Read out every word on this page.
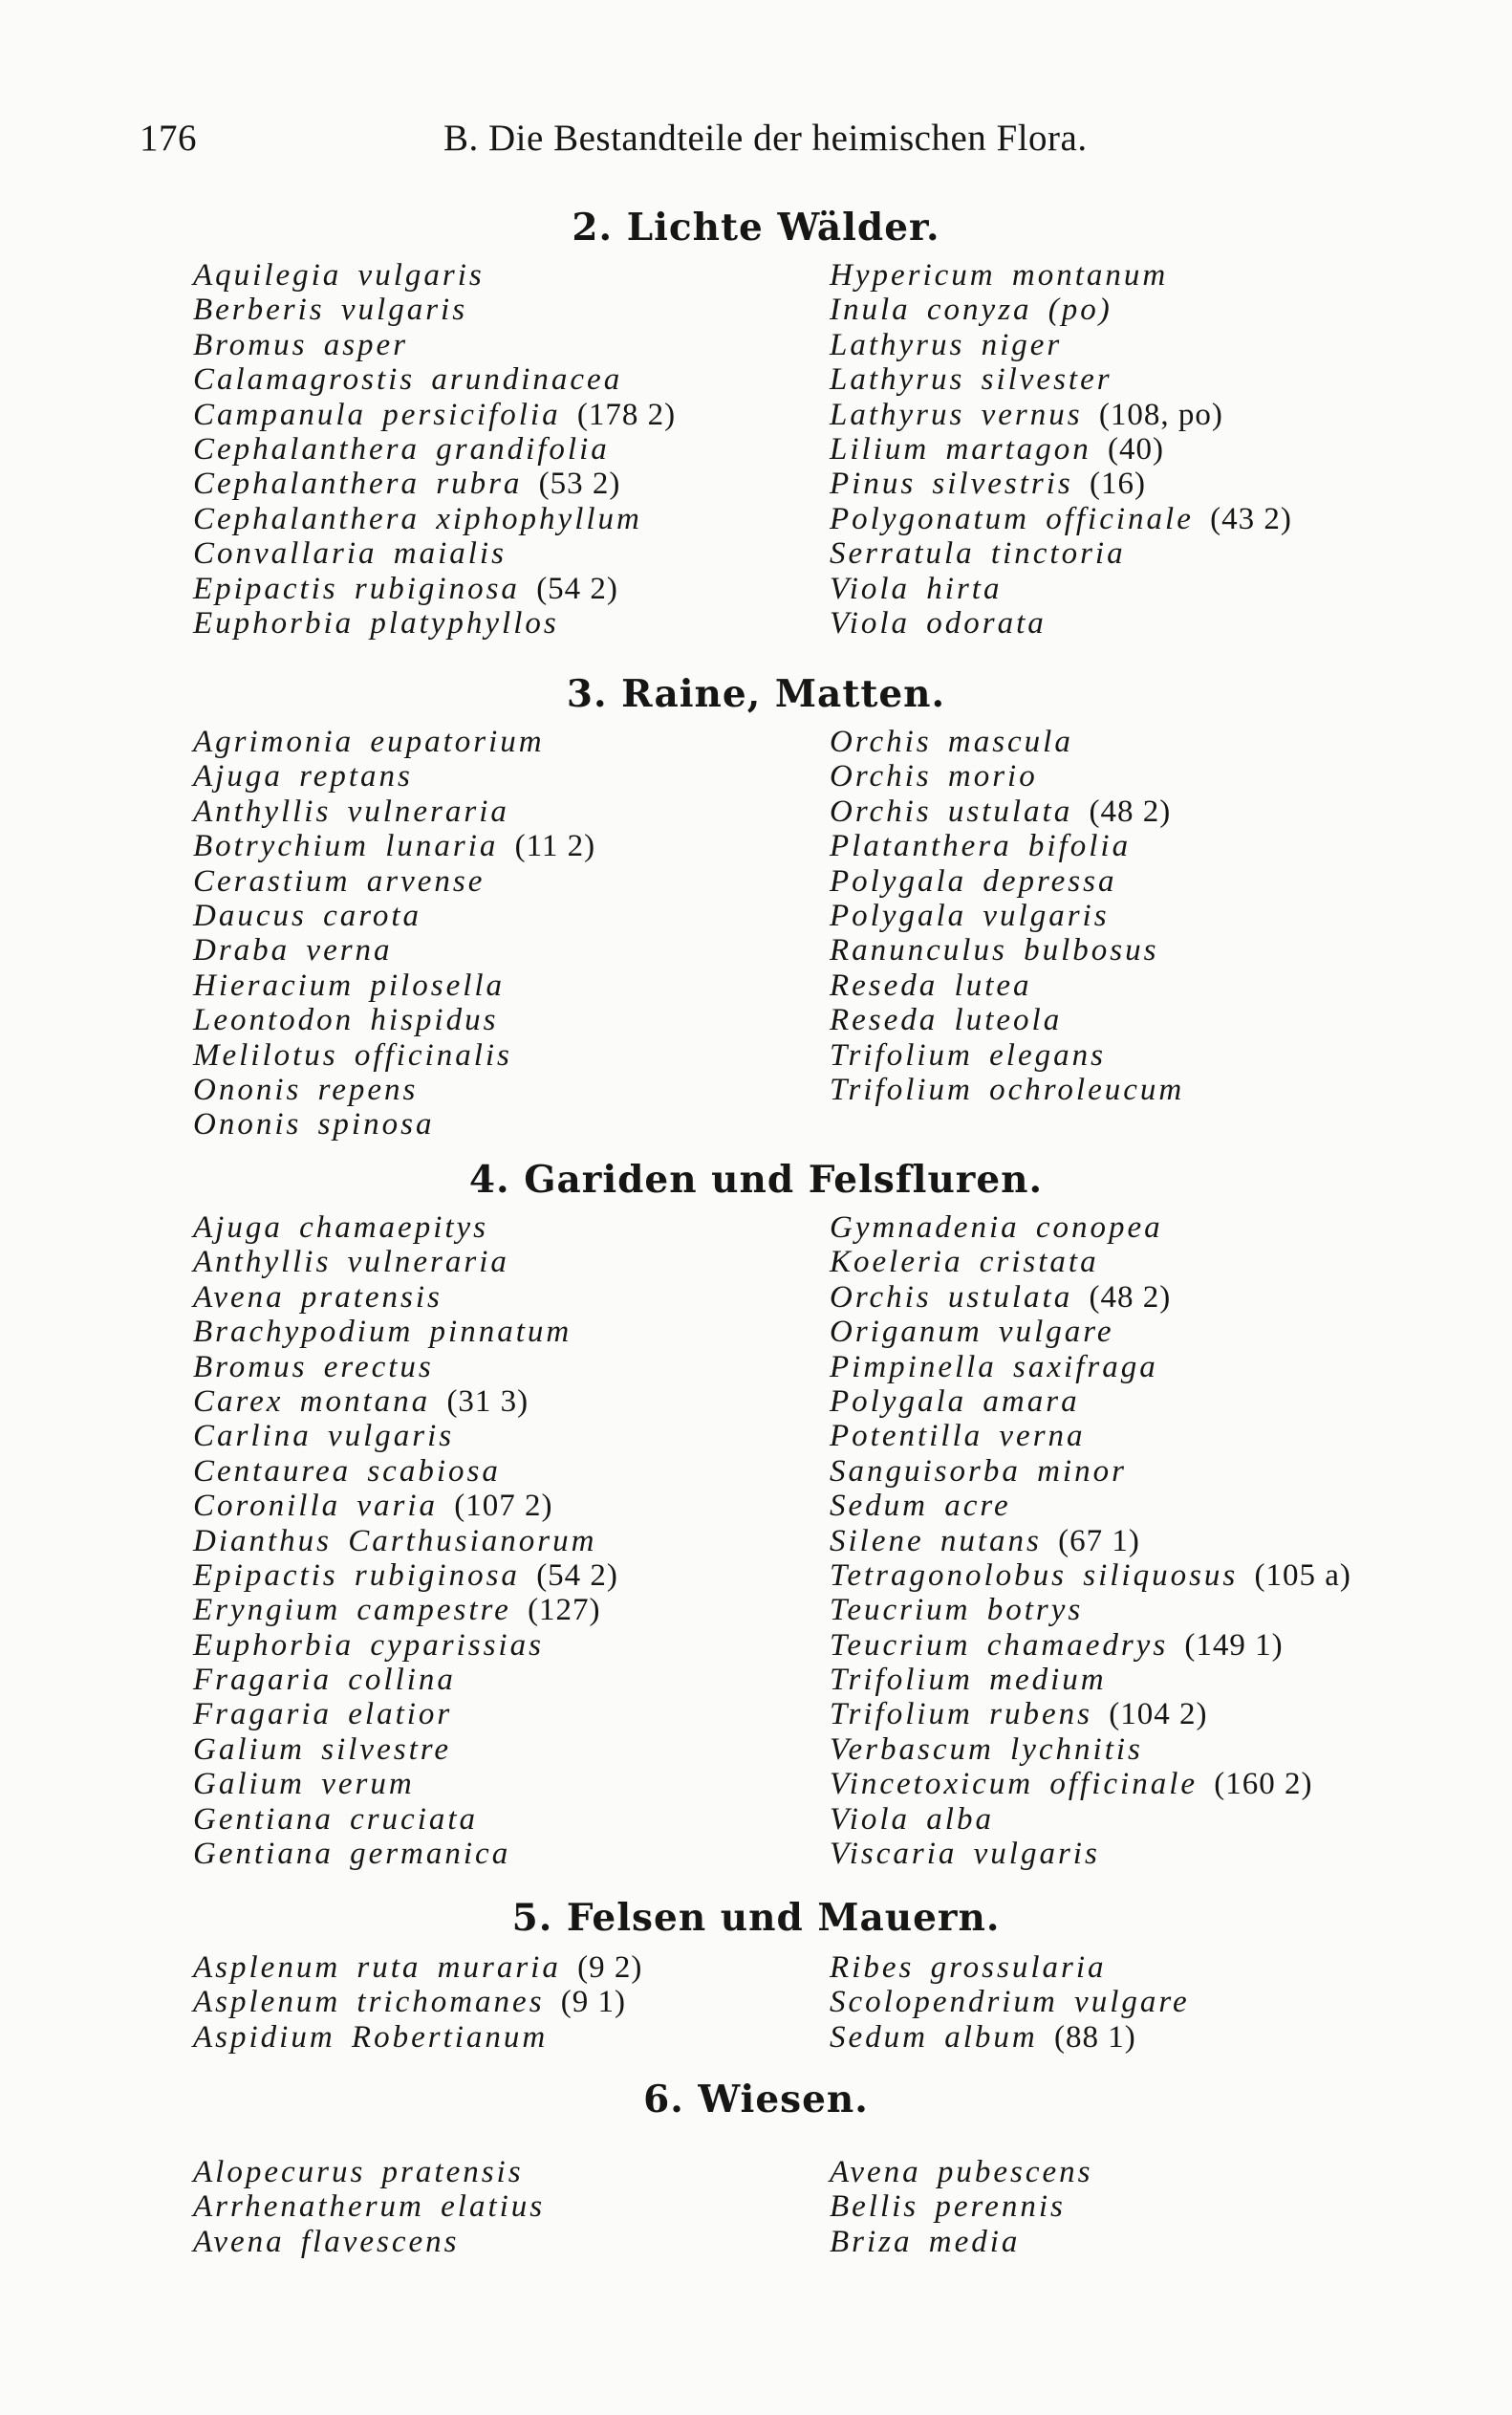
176	B. Die Bestandteile der heimischen Flora.
2. Lichte Wälder.
Aquilegia vulgaris
Berberis vulgaris
Bromus asper
Calamagrostis arundinacea
Campanula persicifolia (178 2)
Cephalanthera grandifolia
Cephalanthera rubra (53 2)
Cephalanthera xiphophyllum
Convallaria maialis
Epipactis rubiginosa (54 2)
Euphorbia platyphyllos
Hypericum montanum
Inula conyza (po)
Lathyrus niger
Lathyrus silvester
Lathyrus vernus (108, po)
Lilium martagon (40)
Pinus silvestris (16)
Polygonatum officinale (43 2)
Serratula tinctoria
Viola hirta
Viola odorata
3. Raine, Matten.
Agrimonia eupatorium
Ajuga reptans
Anthyllis vulneraria
Botrychium lunaria (11 2)
Cerastium arvense
Daucus carota
Draba verna
Hieracium pilosella
Leontodon hispidus
Melilotus officinalis
Ononis repens
Ononis spinosa
Orchis mascula
Orchis morio
Orchis ustulata (48 2)
Platanthera bifolia
Polygala depressa
Polygala vulgaris
Ranunculus bulbosus
Reseda lutea
Reseda luteola
Trifolium elegans
Trifolium ochroleucum
4. Gariden und Felsfluren.
Ajuga chamaepitys
Anthyllis vulneraria
Avena pratensis
Brachypodium pinnatum
Bromus erectus
Carex montana (31 3)
Carlina vulgaris
Centaurea scabiosa
Coronilla varia (107 2)
Dianthus Carthusianorum
Epipactis rubiginosa (54 2)
Eryngium campestre (127)
Euphorbia cyparissias
Fragaria collina
Fragaria elatior
Galium silvestre
Galium verum
Gentiana cruciata
Gentiana germanica
Gymnadenia conopea
Koeleria cristata
Orchis ustulata (48 2)
Origanum vulgare
Pimpinella saxifraga
Polygala amara
Potentilla verna
Sanguisorba minor
Sedum acre
Silene nutans (67 1)
Tetragonolobus siliquosus (105 a)
Teucrium botrys
Teucrium chamaedrys (149 1)
Trifolium medium
Trifolium rubens (104 2)
Verbascum lychnitis
Vincetoxicum officinale (160 2)
Viola alba
Viscaria vulgaris
5. Felsen und Mauern.
Asplenum ruta muraria (9 2)
Asplenum trichomanes (9 1)
Aspidium Robertianum
Ribes grossularia
Scolopendrium vulgare
Sedum album (88 1)
6. Wiesen.
Alopecurus pratensis
Arrhenatherum elatius
Avena flavescens
Avena pubescens
Bellis perennis
Briza media
